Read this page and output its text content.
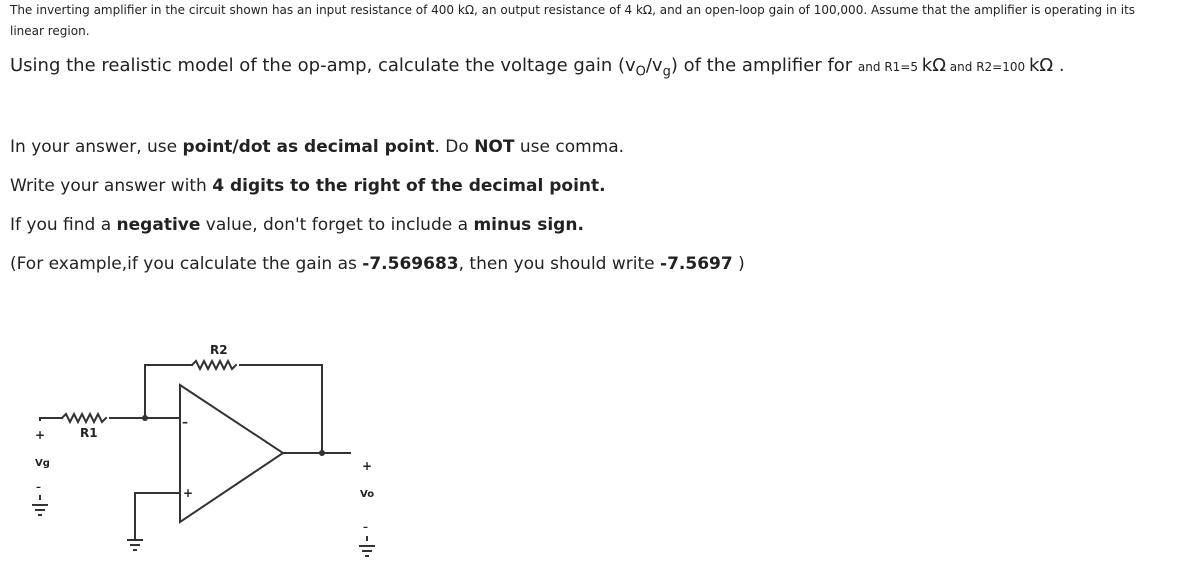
The inverting amplifier in the circuit shown has an input resistance of 400 kΩ, an output resistance of 4 kΩ, and an open-loop gain of 100,000. Assume that the amplifier is operating in its linear region.
Using the realistic model of the op-amp, calculate the voltage gain $(v_O/v_g)$ of the amplifier for and R1=5 kΩ and R2=100 kΩ .
In your answer, use point/dot as decimal point. Do NOT use comma.
Write your answer with 4 digits to the right of the decimal point.
If you find a negative value, don't forget to include a minus sign.
(For example,if you calculate the gain as -7.569683, then you should write -7.5697 )
R2
R1
Vg
Vo
+
–
–
+
+
–
